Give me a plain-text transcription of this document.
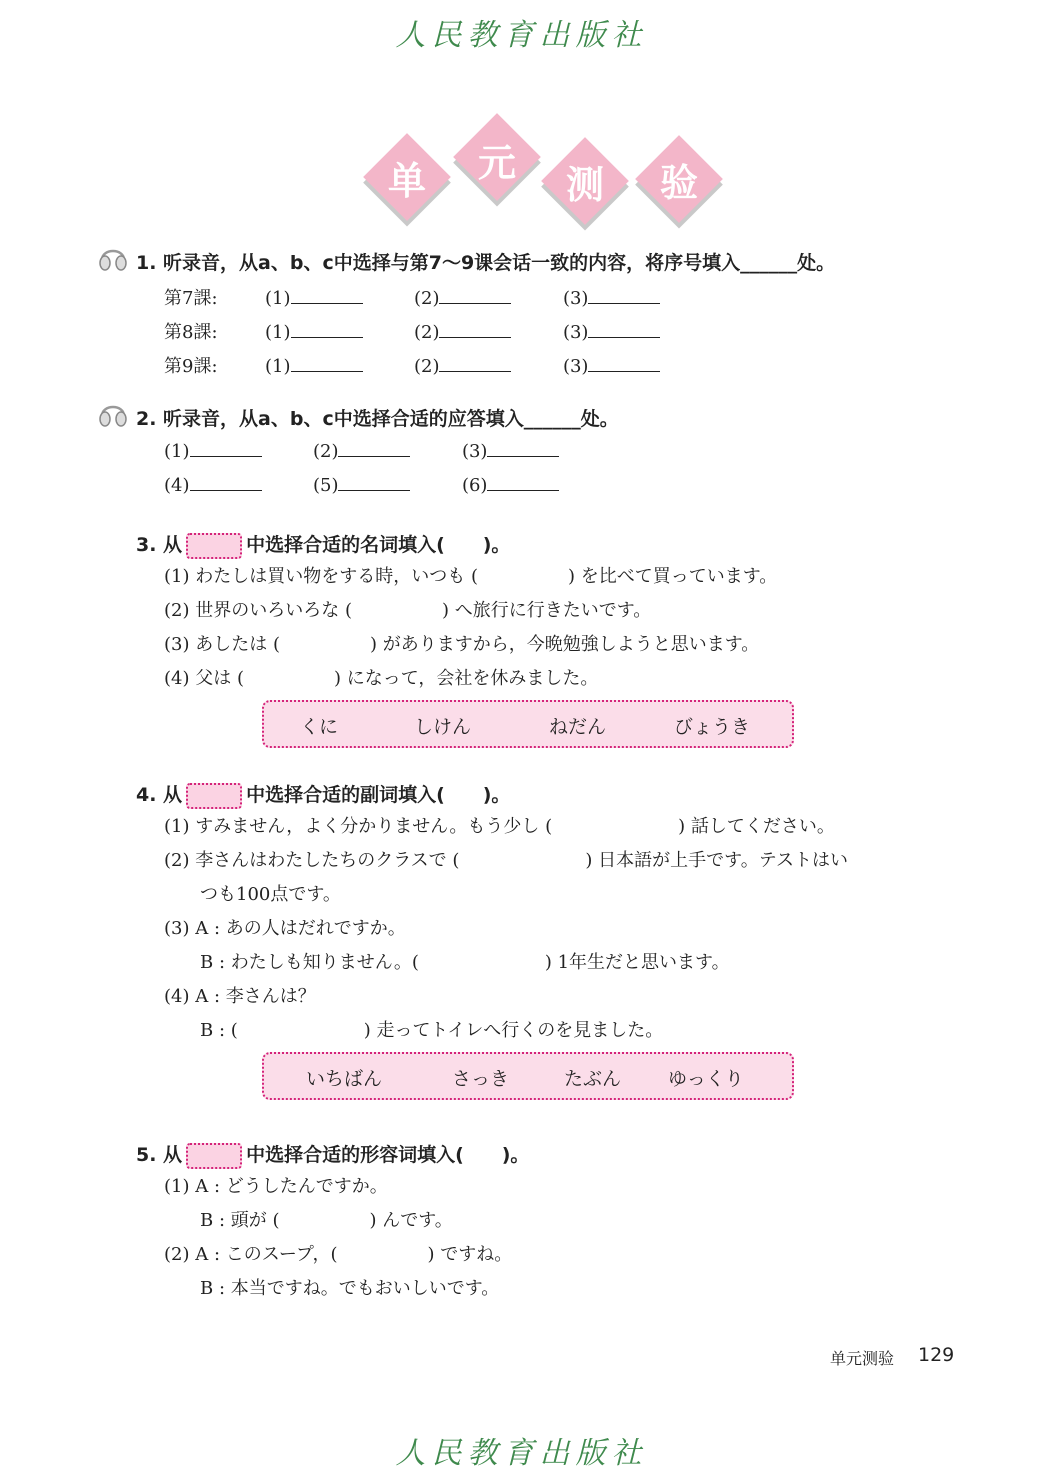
人民教育出版社
单	元	测	验
1. 听录音，从a、b、c中选择与第7～9课会话一致的内容，将序号填入______处。
第7課:	(1)	(2)	(3)
第8課:	(1)	(2)	(3)
第9課:	(1)	(2)	(3)
2. 听录音，从a、b、c中选择合适的应答填入______处。
(1)	(2)	(3)
(4)	(5)	(6)
3. 从	中选择合适的名词填入(　　)。
(1) わたしは買い物をする時，いつも (　　　　　) を比べて買っています。
(2) 世界のいろいろな (　　　　　) へ旅行に行きたいです。
(3) あしたは (　　　　　) がありますから，今晩勉強しようと思います。
(4) 父は (　　　　　) になって，会社を休みました。
くに	しけん	ねだん	びょうき
4. 从	中选择合适的副词填入(　　)。
(1) すみません，よく分かりません。もう少し (　　　　　　　) 話してください。
(2) 李さんはわたしたちのクラスで (　　　　　　　) 日本語が上手です。テストはい
つも100点です。
(3) A : あの人はだれですか。
B : わたしも知りません。(　　　　　　　) 1年生だと思います。
(4) A : 李さんは？
B : (　　　　　　　) 走ってトイレへ行くのを見ました。
いちばん	さっき	たぶん ゆっくり
5. 从	中选择合适的形容词填入(　　)。
(1) A : どうしたんですか。
B : 頭が (　　　　　) んです。
(2) A : このスープ，(　　　　　) ですね。
B : 本当ですね。でもおいしいです。
单元测验 129
人民教育出版社
